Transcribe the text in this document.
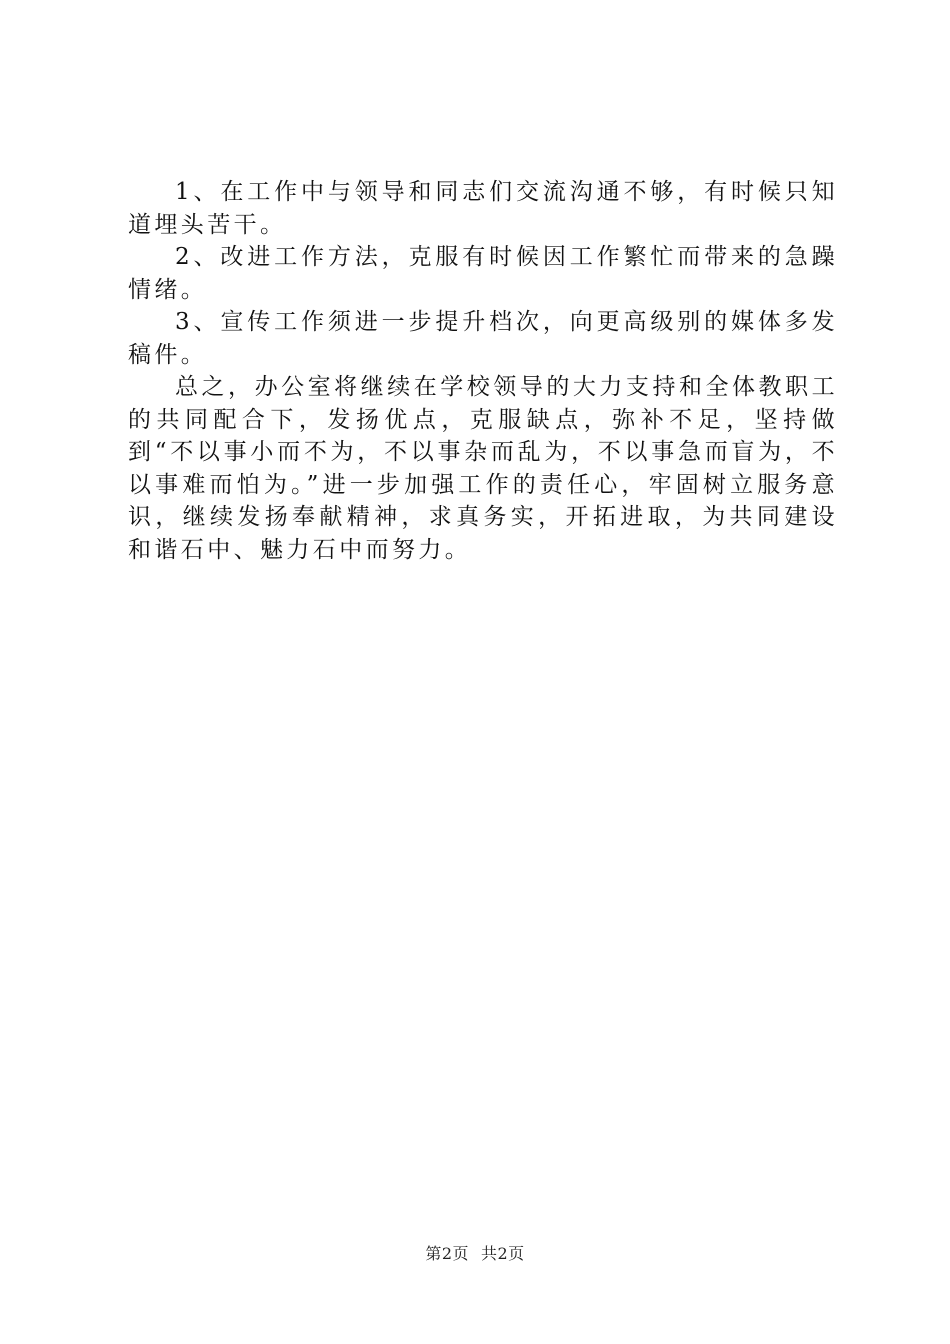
1、在工作中与领导和同志们交流沟通不够，有时候只知道埋头苦干。

2、改进工作方法，克服有时候因工作繁忙而带来的急躁情绪。

3、宣传工作须进一步提升档次，向更高级别的媒体多发稿件。

总之，办公室将继续在学校领导的大力支持和全体教职工的共同配合下，发扬优点，克服缺点，弥补不足，坚持做到“不以事小而不为，不以事杂而乱为，不以事急而盲为，不以事难而怕为。”进一步加强工作的责任心，牢固树立服务意识，继续发扬奉献精神，求真务实，开拓进取，为共同建设和谐石中、魅力石中而努力。

第2页 共2页
